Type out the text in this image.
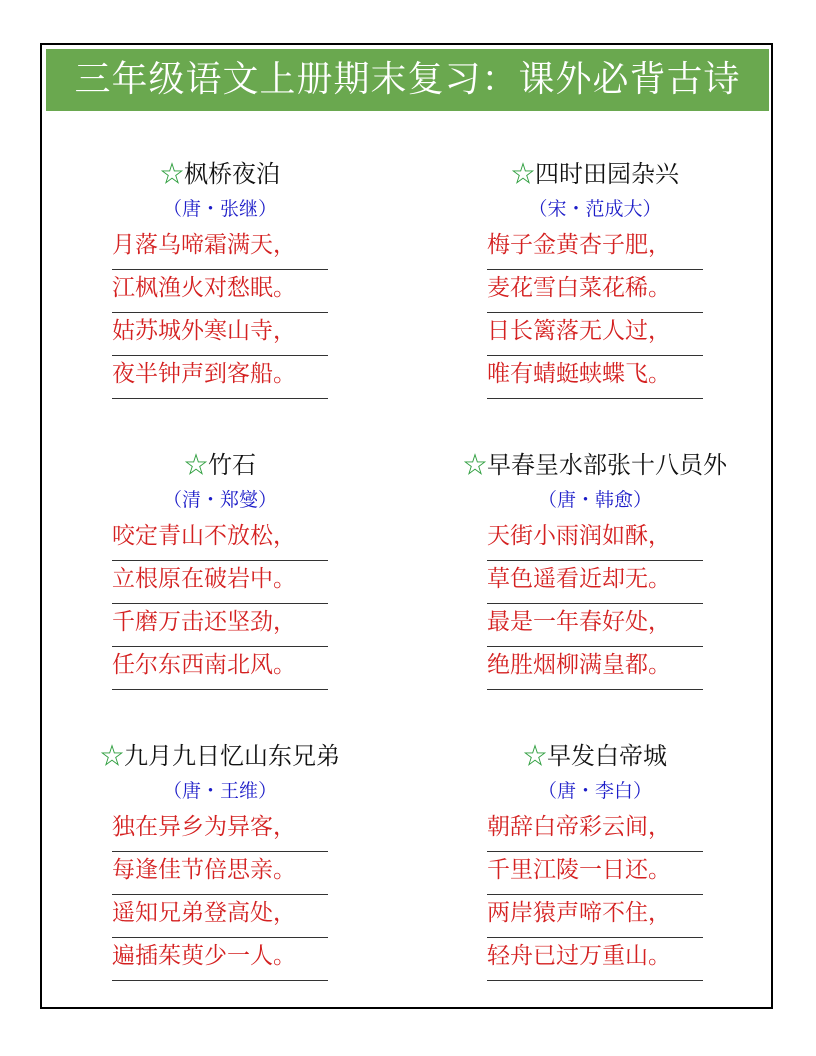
三年级语文上册期末复习：课外必背古诗
☆枫桥夜泊
（唐・张继）
月落乌啼霜满天，
江枫渔火对愁眠。
姑苏城外寒山寺，
夜半钟声到客船。
☆四时田园杂兴
（宋・范成大）
梅子金黄杏子肥，
麦花雪白菜花稀。
日长篱落无人过，
唯有蜻蜓蛱蝶飞。
☆竹石
（清・郑燮）
咬定青山不放松，
立根原在破岩中。
千磨万击还坚劲，
任尔东西南北风。
☆早春呈水部张十八员外
（唐・韩愈）
天街小雨润如酥，
草色遥看近却无。
最是一年春好处，
绝胜烟柳满皇都。
☆九月九日忆山东兄弟
（唐・王维）
独在异乡为异客，
每逢佳节倍思亲。
遥知兄弟登高处，
遍插茱萸少一人。
☆早发白帝城
（唐・李白）
朝辞白帝彩云间，
千里江陵一日还。
两岸猿声啼不住，
轻舟已过万重山。
